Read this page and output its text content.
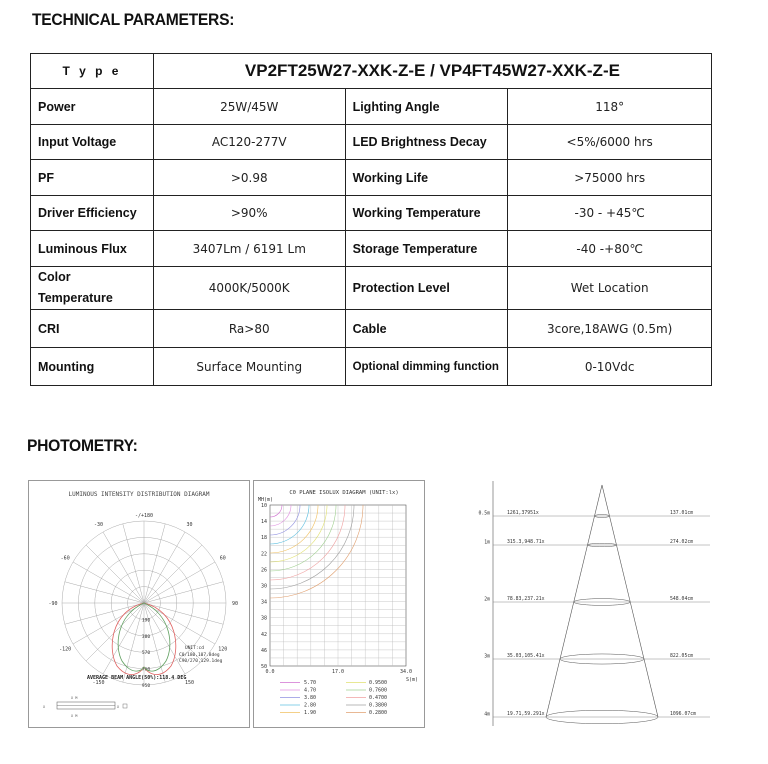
TECHNICAL PARAMETERS:
T y p e	VP2FT25W27-XXK-Z-E / VP4FT45W27-XXK-Z-E		
Power	25W/45W	Lighting Angle	118°
Input Voltage	AC120-277V	LED Brightness Decay	<5%/6000 hrs
PF	>0.98	Working Life	>75000 hrs
Driver Efficiency	>90%	Working Temperature	-30 - +45℃
Luminous Flux	3407Lm / 6191 Lm	Storage Temperature	-40 -+80℃
Color
Temperature	4000K/5000K	Protection Level	Wet Location
CRI	Ra>80	Cable	3core,18AWG (0.5m)
Mounting	Surface Mounting	Optional dimming function	0-10Vdc
PHOTOMETRY:
LUMINOUS INTENSITY DISTRIBUTION DIAGRAM
-/+180
-150	150
-120	120
-90	90
-60	60
-30	30
190
380
570
760
950
UNIT:cd
C0/180,107.8deg
C90/270,129.1deg
AVERAGE BEAM ANGLE(50%):118.4 DEG
X M
X
X M
X
C0 PLANE ISOLUX DIAGRAM (UNIT:lx)
MH(m)
10
14
18
22
26
30
34
38
42
46
50
0.0	17.0	34.0
S(m)
5.70
4.70
3.80
2.80
1.90
0.9500
0.7600
0.4700
0.3800
0.2800
0.5m	1261,37951x	137.01cm
1m	315.3,948.71x	274.02cm
2m	78.83,237.21x	548.04cm
3m	35.03,105.41x	822.05cm
4m	19.71,59.291x	1096.07cm
